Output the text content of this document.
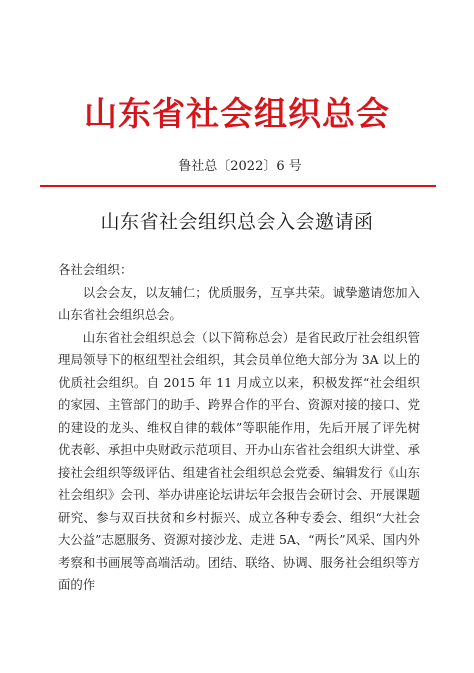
山东省社会组织总会
鲁社总〔2022〕6 号
山东省社会组织总会入会邀请函

各社会组织：

以会会友，以友辅仁；优质服务，互享共荣。诚挚邀请您加入山东省社会组织总会。

山东省社会组织总会（以下简称总会）是省民政厅社会组织管理局领导下的枢纽型社会组织，其会员单位绝大部分为 3A 以上的优质社会组织。自 2015 年 11 月成立以来，积极发挥“社会组织的家园、主管部门的助手、跨界合作的平台、资源对接的接口、党的建设的龙头、维权自律的载体”等职能作用，先后开展了评先树优表彰、承担中央财政示范项目、开办山东省社会组织大讲堂、承接社会组织等级评估、组建省社会组织总会党委、编辑发行《山东社会组织》会刊、举办讲座论坛讲坛年会报告会研讨会、开展课题研究、参与双百扶贫和乡村振兴、成立各种专委会、组织“大社会 大公益”志愿服务、资源对接沙龙、走进 5A、“两长”风采、国内外考察和书画展等高端活动。团结、联络、协调、服务社会组织等方面的作
